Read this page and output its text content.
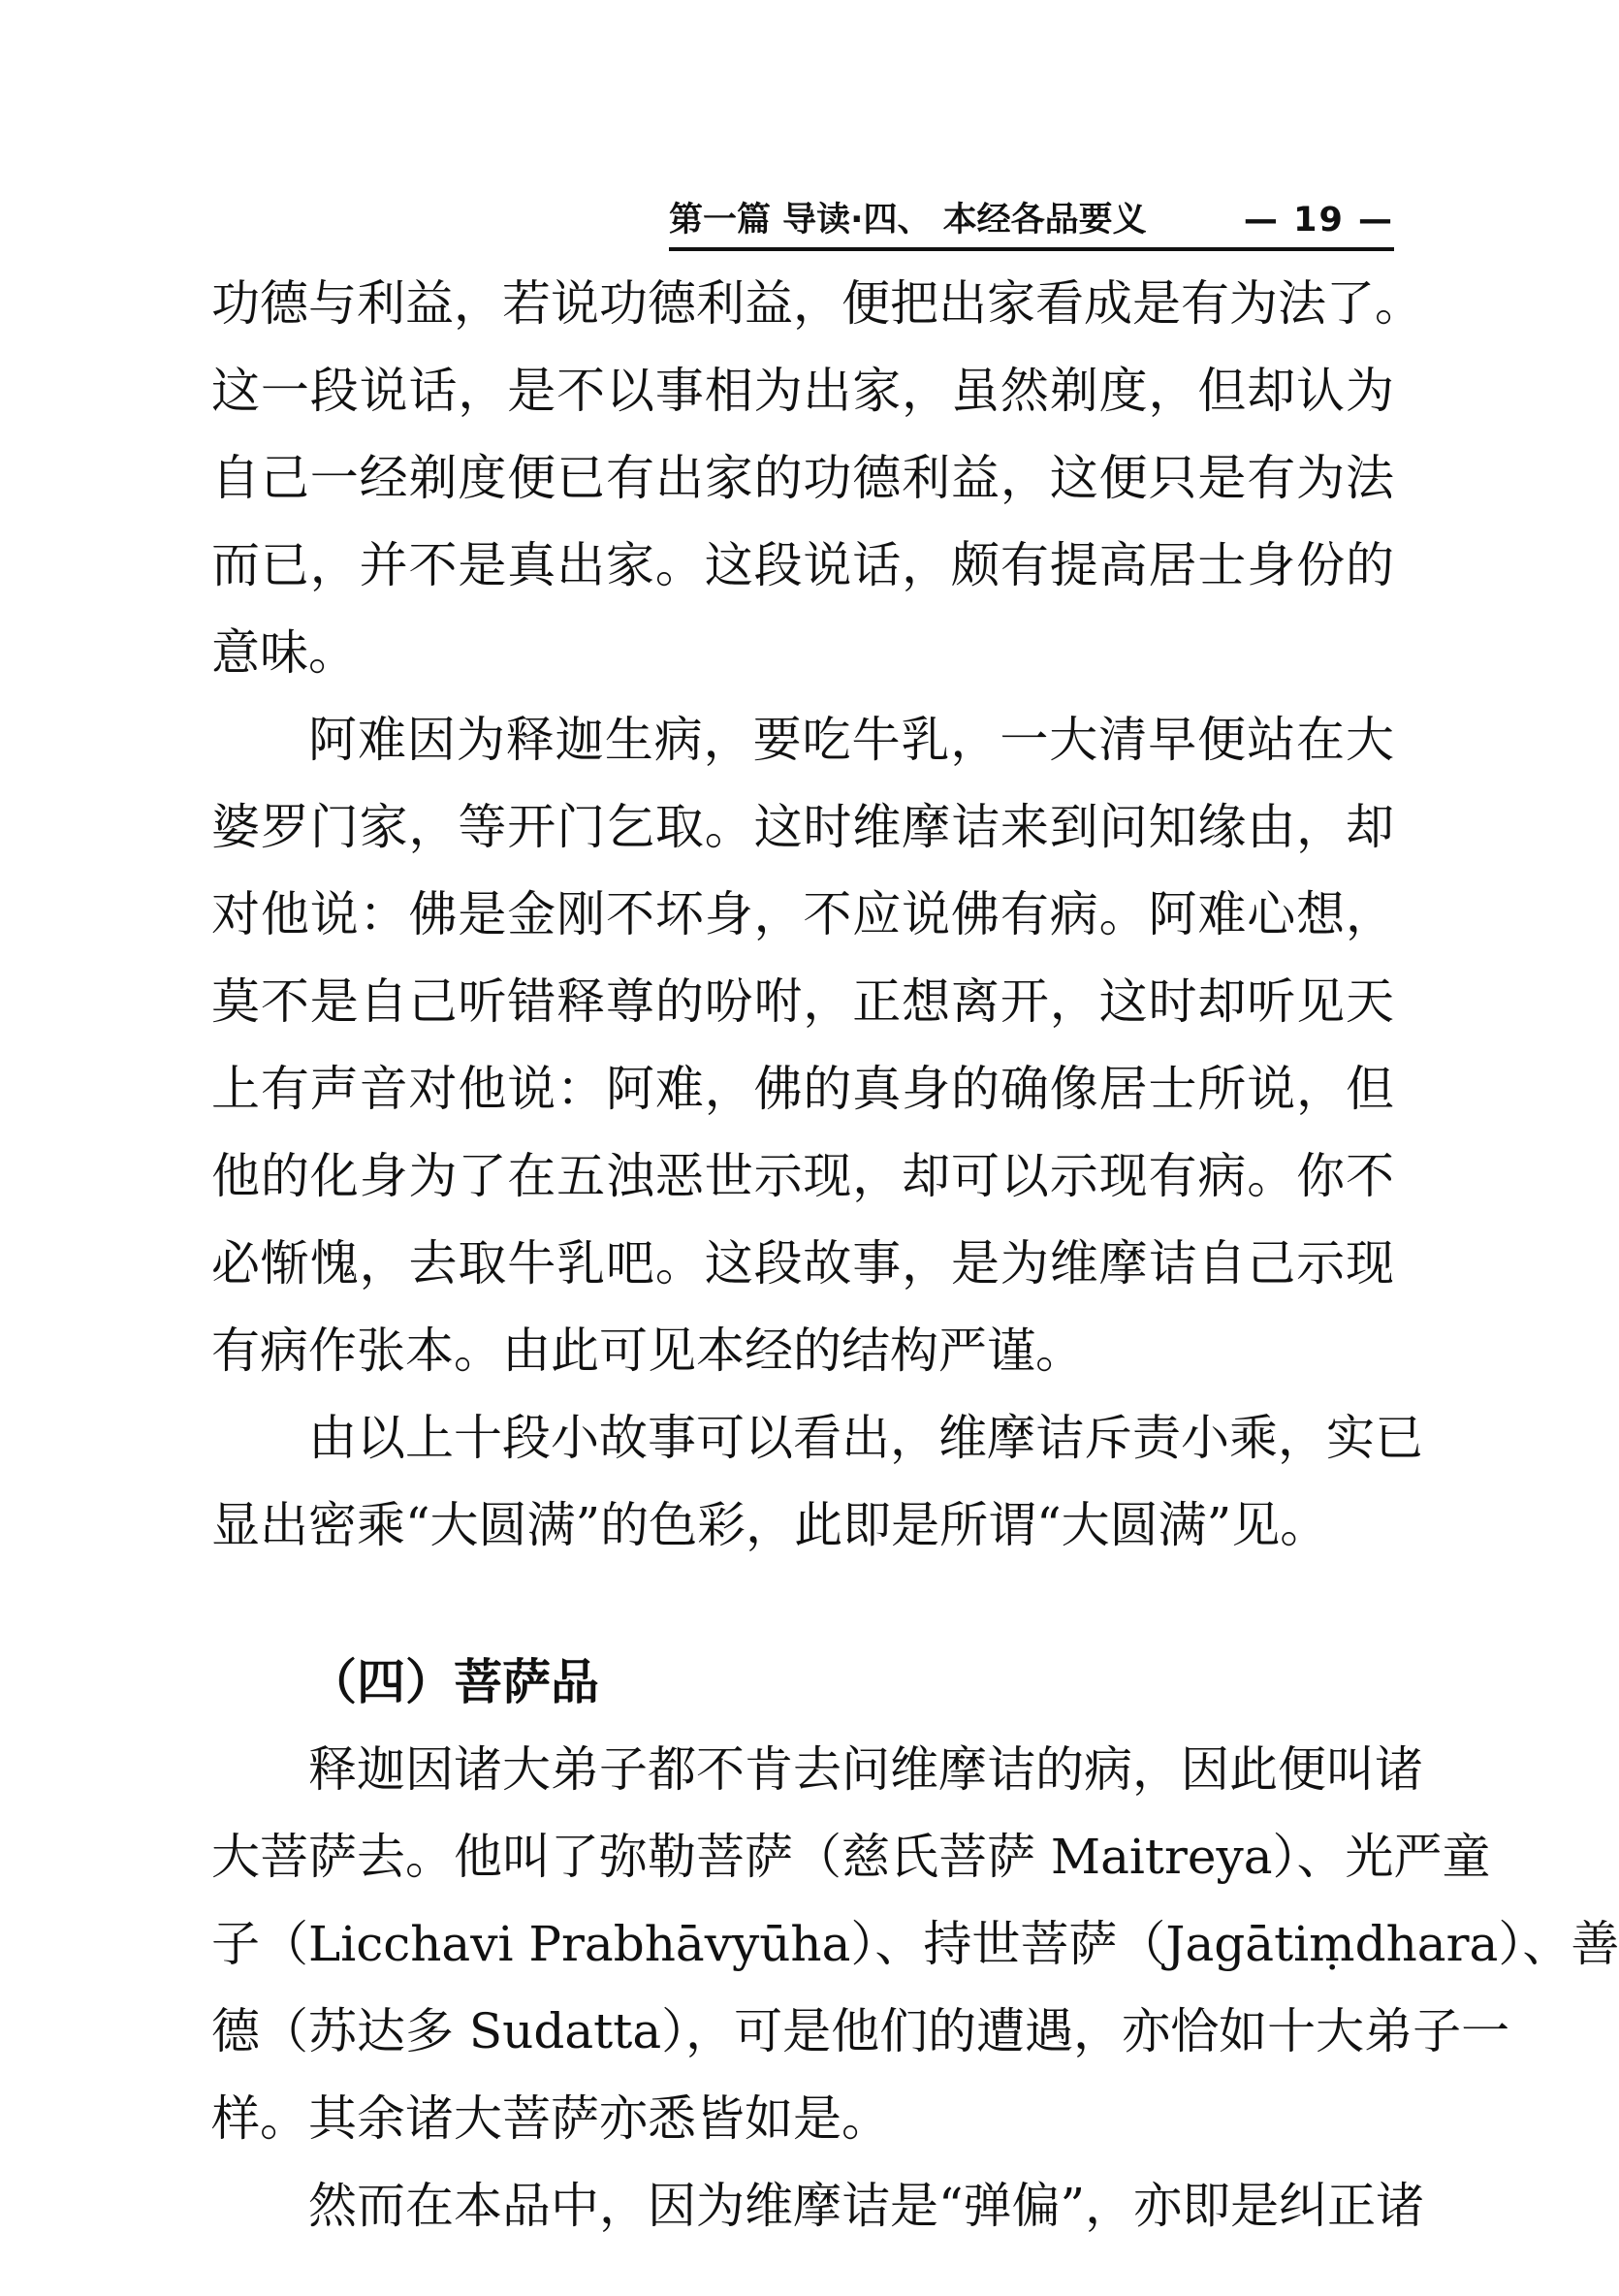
第一篇 导读·四、 本经各品要义	— 19 —
功德与利益，若说功德利益，便把出家看成是有为法了。
这一段说话，是不以事相为出家，虽然剃度，但却认为
自己一经剃度便已有出家的功德利益，这便只是有为法
而已，并不是真出家。这段说话，颇有提高居士身份的
意味。
阿难因为释迦生病，要吃牛乳，一大清早便站在大
婆罗门家，等开门乞取。这时维摩诘来到问知缘由，却
对他说：佛是金刚不坏身，不应说佛有病。阿难心想，
莫不是自己听错释尊的吩咐，正想离开，这时却听见天
上有声音对他说：阿难，佛的真身的确像居士所说，但
他的化身为了在五浊恶世示现，却可以示现有病。你不
必惭愧，去取牛乳吧。这段故事，是为维摩诘自己示现
有病作张本。由此可见本经的结构严谨。
由以上十段小故事可以看出，维摩诘斥责小乘，实已
显出密乘“大圆满”的色彩，此即是所谓“大圆满”见。
（四）菩萨品
释迦因诸大弟子都不肯去问维摩诘的病，因此便叫诸
大菩萨去。他叫了弥勒菩萨（慈氏菩萨 Maitreya）、光严童
子（Licchavi Prabhāvyūha）、持世菩萨（Jagātiṃdhara）、善
德（苏达多 Sudatta），可是他们的遭遇，亦恰如十大弟子一
样。其余诸大菩萨亦悉皆如是。
然而在本品中，因为维摩诘是“弹偏”，亦即是纠正诸
